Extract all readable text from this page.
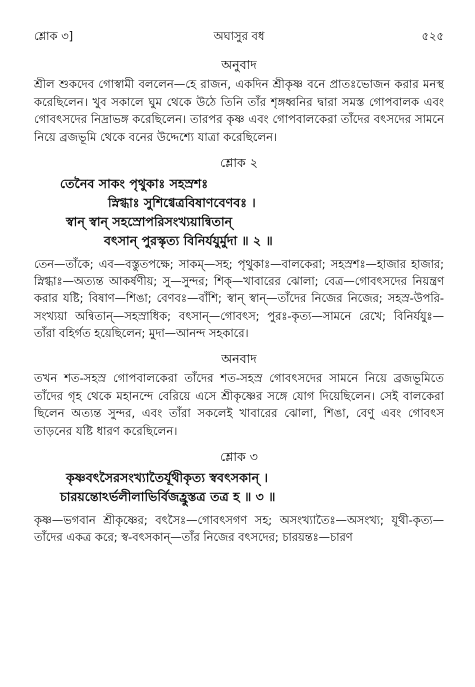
শ্লোক ৩]	অঘাসুর বধ	৫২৫
অনুবাদ

শ্রীল শুকদেব গোস্বামী বললেন—হে রাজন, একদিন শ্রীকৃষ্ণ বনে প্রাতঃভোজন করার মনস্থ করেছিলেন। খুব সকালে ঘুম থেকে উঠে তিনি তাঁর শৃঙ্গধ্বনির দ্বারা সমস্ত গোপবালক এবং গোবৎসদের নিদ্রাভঙ্গ করেছিলেন। তারপর কৃষ্ণ এবং গোপবালকেরা তাঁদের বৎসদের সামনে নিয়ে ব্রজভূমি থেকে বনের উদ্দেশ্যে যাত্রা করেছিলেন।

শ্লোক ২

তেনৈব সাকং পৃথুকাঃ সহস্রশঃ

স্নিগ্ধাঃ সুশিগ্বেত্রবিষাণবেণবঃ ।

স্বান্ স্বান্ সহস্রোপরিসংখ্যয়ান্বিতান্

বৎসান্ পুরস্কৃত্য বিনির্যযুর্মুদা ॥ ২ ॥

তেন—তাঁকে; এব—বস্তুতপক্ষে; সাকম্—সহ; পৃথুকাঃ—বালকেরা; সহস্রশঃ—হাজার হাজার; স্নিগ্ধাঃ—অত্যন্ত আকর্ষণীয়; সু—সুন্দর; শিক্—খাবারের ঝোলা; বেত্র—গোবৎসদের নিয়ন্ত্রণ করার যষ্টি; বিষাণ—শিঙা; বেণবঃ—বাঁশি; স্বান্ স্বান্—তাঁদের নিজের নিজের; সহস্র-উপরি-সংখ্যয়া অন্বিতান্—সহস্রাধিক; বৎসান্—গোবৎস; পুরঃ-কৃত্য—সামনে রেখে; বিনির্যযুঃ—তাঁরা বহির্গত হয়েছিলেন; মুদা—আনন্দ সহকারে।
অনবাদ

তখন শত-সহস্র গোপবালকেরা তাঁদের শত-সহস্র গোবৎসদের সামনে নিয়ে ব্রজভূমিতে তাঁদের গৃহ থেকে মহানন্দে বেরিয়ে এসে শ্রীকৃষ্ণের সঙ্গে যোগ দিয়েছিলেন। সেই বালকেরা ছিলেন অত্যন্ত সুন্দর, এবং তাঁরা সকলেই খাবারের ঝোলা, শিঙা, বেণু এবং গোবৎস তাড়নের যষ্টি ধারণ করেছিলেন।

শ্লোক ৩

কৃষ্ণবৎসৈরসংখ্যাতৈর্যূথীকৃত্য স্ববৎসকান্ ।

চারয়ন্তোঽর্ভলীলাভির্বিজহ্রুস্তত্র তত্র হ ॥ ৩ ॥

কৃষ্ণ—ভগবান শ্রীকৃষ্ণের; বৎসৈঃ—গোবৎসগণ সহ; অসংখ্যাতৈঃ—অসংখ্য; যূথী-কৃত্য—তাঁদের একত্র করে; স্ব-বৎসকান্—তাঁর নিজের বৎসদের; চারয়ন্তঃ—চারণ
